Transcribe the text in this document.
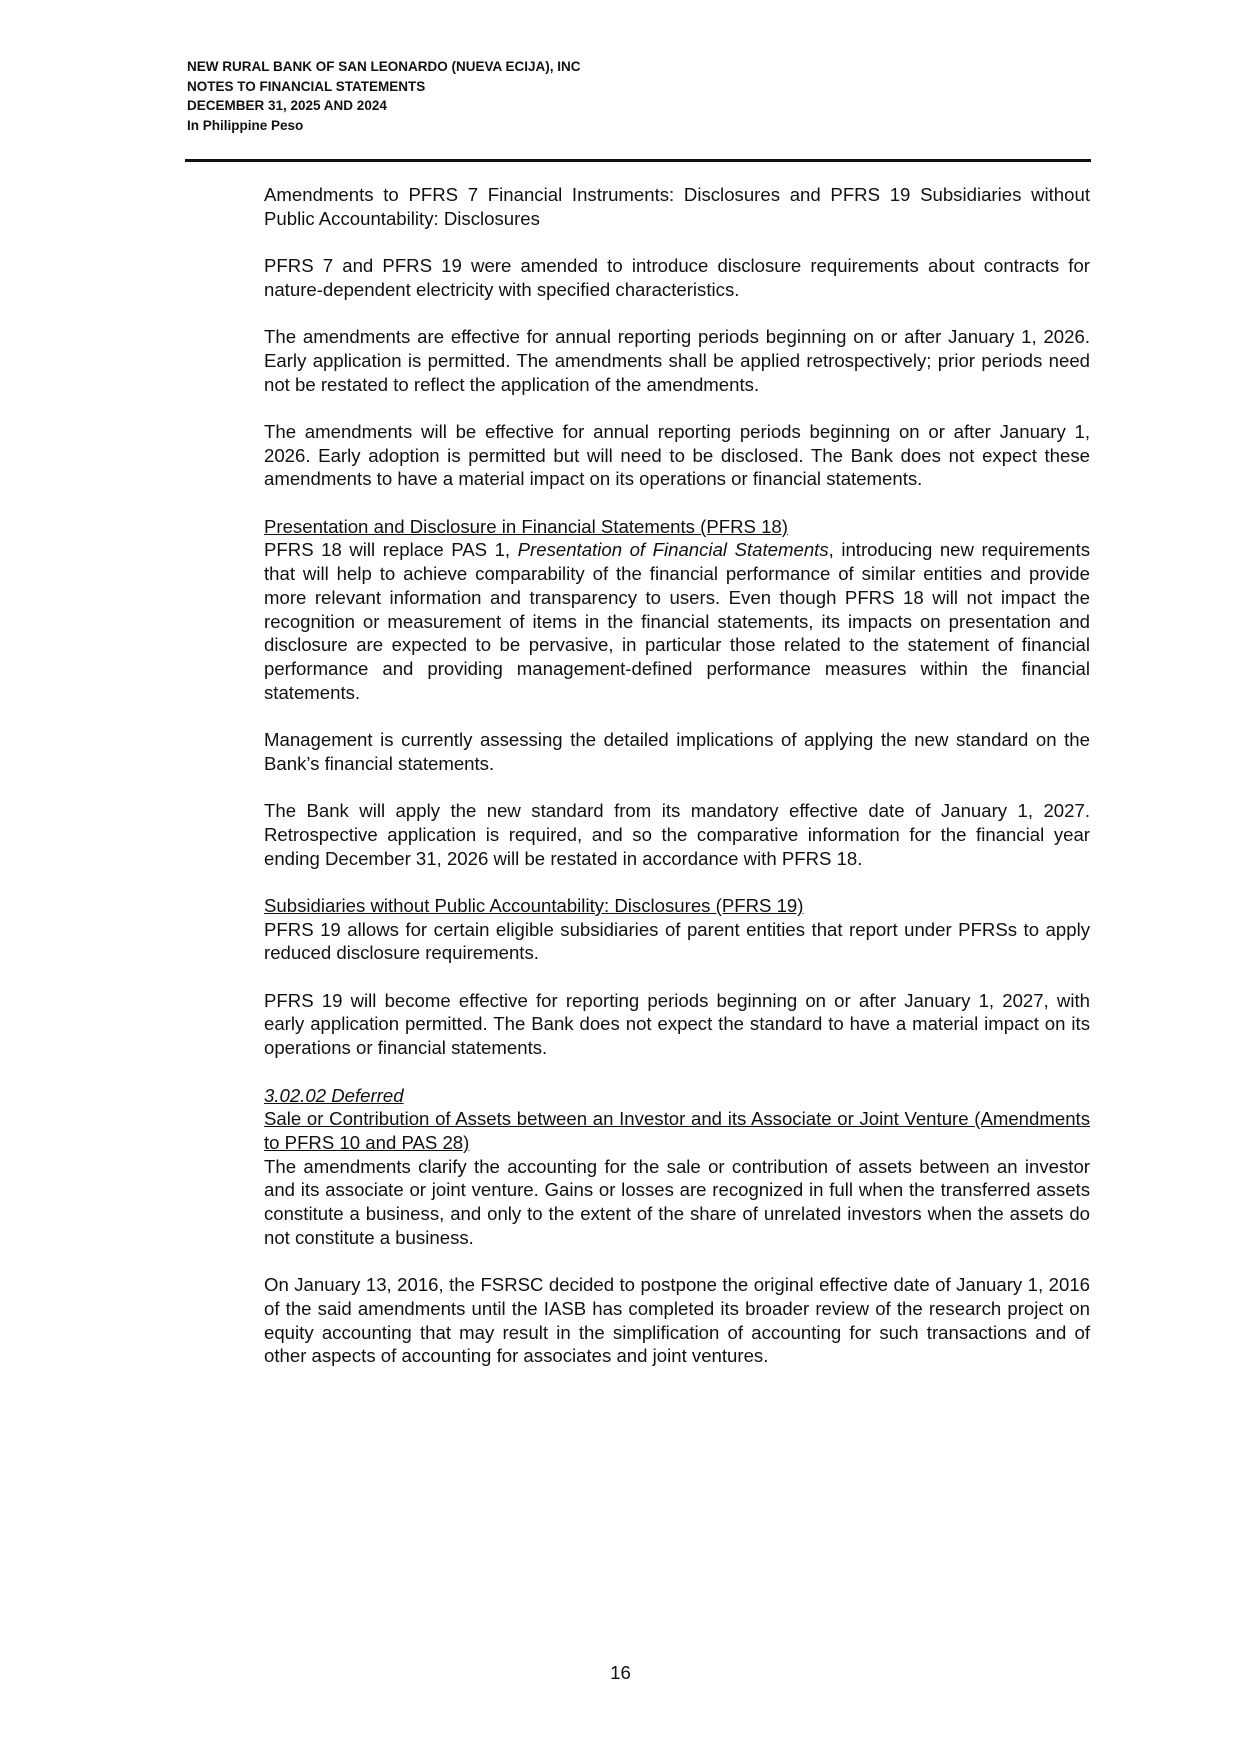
NEW RURAL BANK OF SAN LEONARDO (NUEVA ECIJA), INC
NOTES TO FINANCIAL STATEMENTS
DECEMBER 31, 2025 AND 2024
In Philippine Peso

Amendments to PFRS 7 Financial Instruments: Disclosures and PFRS 19 Subsidiaries without Public Accountability: Disclosures

PFRS 7 and PFRS 19 were amended to introduce disclosure requirements about contracts for nature-dependent electricity with specified characteristics.

The amendments are effective for annual reporting periods beginning on or after January 1, 2026. Early application is permitted. The amendments shall be applied retrospectively; prior periods need not be restated to reflect the application of the amendments.

The amendments will be effective for annual reporting periods beginning on or after January 1, 2026. Early adoption is permitted but will need to be disclosed. The Bank does not expect these amendments to have a material impact on its operations or financial statements.

Presentation and Disclosure in Financial Statements (PFRS 18)

PFRS 18 will replace PAS 1, Presentation of Financial Statements, introducing new requirements that will help to achieve comparability of the financial performance of similar entities and provide more relevant information and transparency to users. Even though PFRS 18 will not impact the recognition or measurement of items in the financial statements, its impacts on presentation and disclosure are expected to be pervasive, in particular those related to the statement of financial performance and providing management-defined performance measures within the financial statements.

Management is currently assessing the detailed implications of applying the new standard on the Bank’s financial statements.

The Bank will apply the new standard from its mandatory effective date of January 1, 2027. Retrospective application is required, and so the comparative information for the financial year ending December 31, 2026 will be restated in accordance with PFRS 18.

Subsidiaries without Public Accountability: Disclosures (PFRS 19)

PFRS 19 allows for certain eligible subsidiaries of parent entities that report under PFRSs to apply reduced disclosure requirements.

PFRS 19 will become effective for reporting periods beginning on or after January 1, 2027, with early application permitted. The Bank does not expect the standard to have a material impact on its operations or financial statements.

3.02.02 Deferred

Sale or Contribution of Assets between an Investor and its Associate or Joint Venture (Amendments to PFRS 10 and PAS 28)

The amendments clarify the accounting for the sale or contribution of assets between an investor and its associate or joint venture. Gains or losses are recognized in full when the transferred assets constitute a business, and only to the extent of the share of unrelated investors when the assets do not constitute a business.

On January 13, 2016, the FSRSC decided to postpone the original effective date of January 1, 2016 of the said amendments until the IASB has completed its broader review of the research project on equity accounting that may result in the simplification of accounting for such transactions and of other aspects of accounting for associates and joint ventures.

16
